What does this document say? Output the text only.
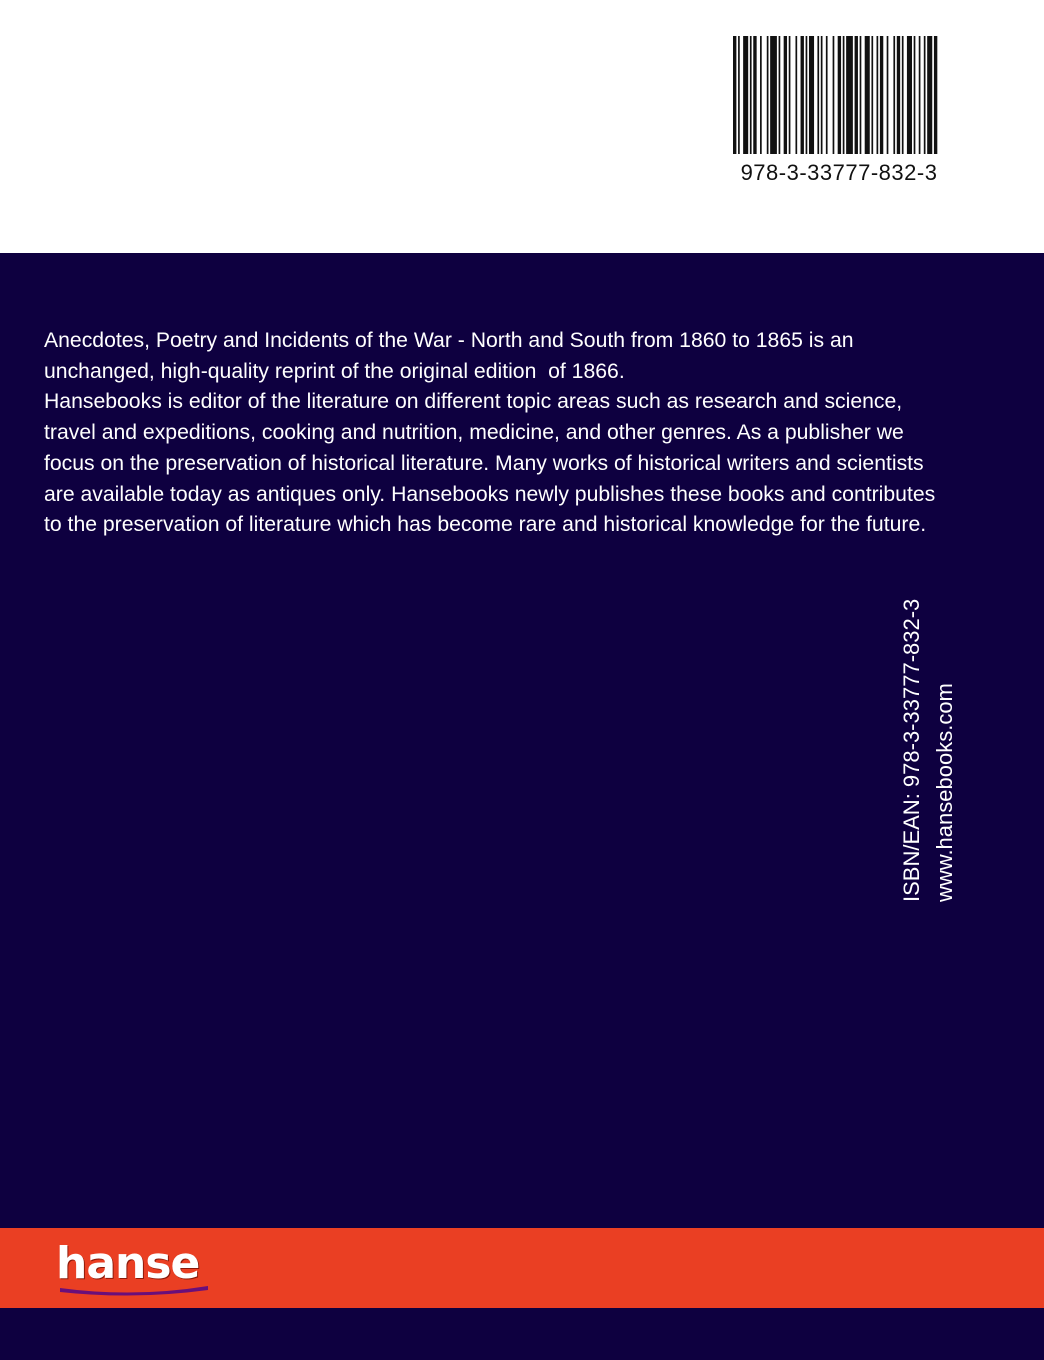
978-3-33777-832-3

Anecdotes, Poetry and Incidents of the War - North and South from 1860 to 1865 is an unchanged, high-quality reprint of the original edition  of 1866.

Hansebooks is editor of the literature on different topic areas such as research and science, travel and expeditions, cooking and nutrition, medicine, and other genres. As a publisher we focus on the preservation of historical literature. Many works of historical writers and scientists are available today as antiques only. Hansebooks newly publishes these books and contributes to the preservation of literature which has become rare and historical knowledge for the future.

ISBN/EAN: 978-3-33777-832-3 www.hansebooks.com
hanse
